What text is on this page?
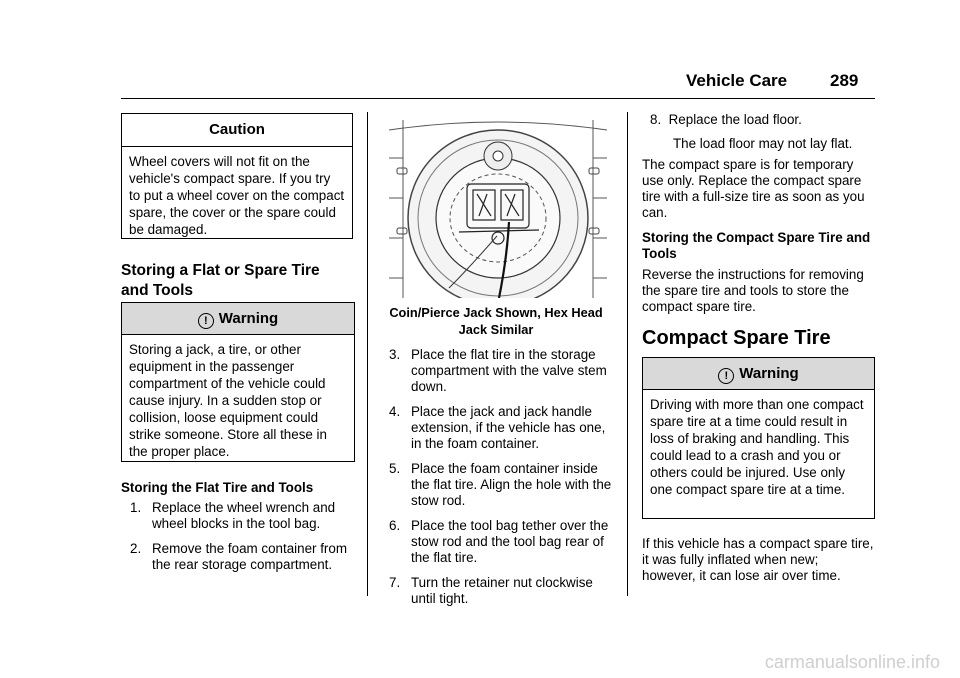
Vehicle Care	289
Caution
Wheel covers will not fit on the vehicle's compact spare. If you try to put a wheel cover on the compact spare, the cover or the spare could be damaged.
Storing a Flat or Spare Tire and Tools
! Warning
Storing a jack, a tire, or other equipment in the passenger compartment of the vehicle could cause injury. In a sudden stop or collision, loose equipment could strike someone. Store all these in the proper place.
Storing the Flat Tire and Tools
1. Replace the wheel wrench and wheel blocks in the tool bag.
2. Remove the foam container from the rear storage compartment.
Coin/Pierce Jack Shown, Hex Head Jack Similar
3. Place the flat tire in the storage compartment with the valve stem down.
4. Place the jack and jack handle extension, if the vehicle has one, in the foam container.
5. Place the foam container inside the flat tire. Align the hole with the stow rod.
6. Place the tool bag tether over the stow rod and the tool bag rear of the flat tire.
7. Turn the retainer nut clockwise until tight.
8. Replace the load floor.
The load floor may not lay flat.
The compact spare is for temporary use only. Replace the compact spare tire with a full-size tire as soon as you can.
Storing the Compact Spare Tire and Tools
Reverse the instructions for removing the spare tire and tools to store the compact spare tire.
Compact Spare Tire
! Warning
Driving with more than one compact spare tire at a time could result in loss of braking and handling. This could lead to a crash and you or others could be injured. Use only one compact spare tire at a time.
If this vehicle has a compact spare tire, it was fully inflated when new; however, it can lose air over time.
carmanualsonline.info
